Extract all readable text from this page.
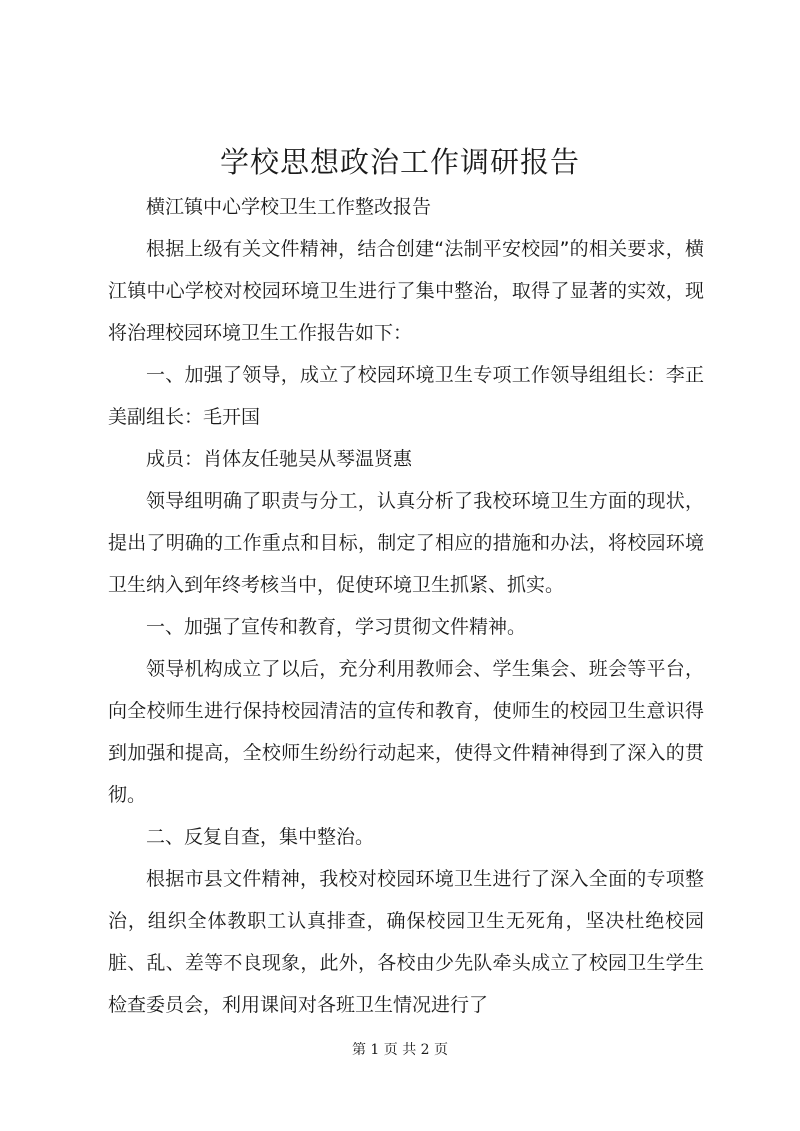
学校思想政治工作调研报告

横江镇中心学校卫生工作整改报告

根据上级有关文件精神，结合创建“法制平安校园”的相关要求，横江镇中心学校对校园环境卫生进行了集中整治，取得了显著的实效，现将治理校园环境卫生工作报告如下：

一、加强了领导，成立了校园环境卫生专项工作领导组组长：李正美副组长：毛开国

成员：肖体友任驰吴从琴温贤惠

领导组明确了职责与分工，认真分析了我校环境卫生方面的现状，提出了明确的工作重点和目标，制定了相应的措施和办法，将校园环境卫生纳入到年终考核当中，促使环境卫生抓紧、抓实。

一、加强了宣传和教育，学习贯彻文件精神。

领导机构成立了以后，充分利用教师会、学生集会、班会等平台，向全校师生进行保持校园清洁的宣传和教育，使师生的校园卫生意识得到加强和提高，全校师生纷纷行动起来，使得文件精神得到了深入的贯彻。

二、反复自查，集中整治。

根据市县文件精神，我校对校园环境卫生进行了深入全面的专项整治，组织全体教职工认真排查，确保校园卫生无死角，坚决杜绝校园脏、乱、差等不良现象，此外，各校由少先队牵头成立了校园卫生学生检查委员会，利用课间对各班卫生情况进行了

第 1 页 共 2 页
